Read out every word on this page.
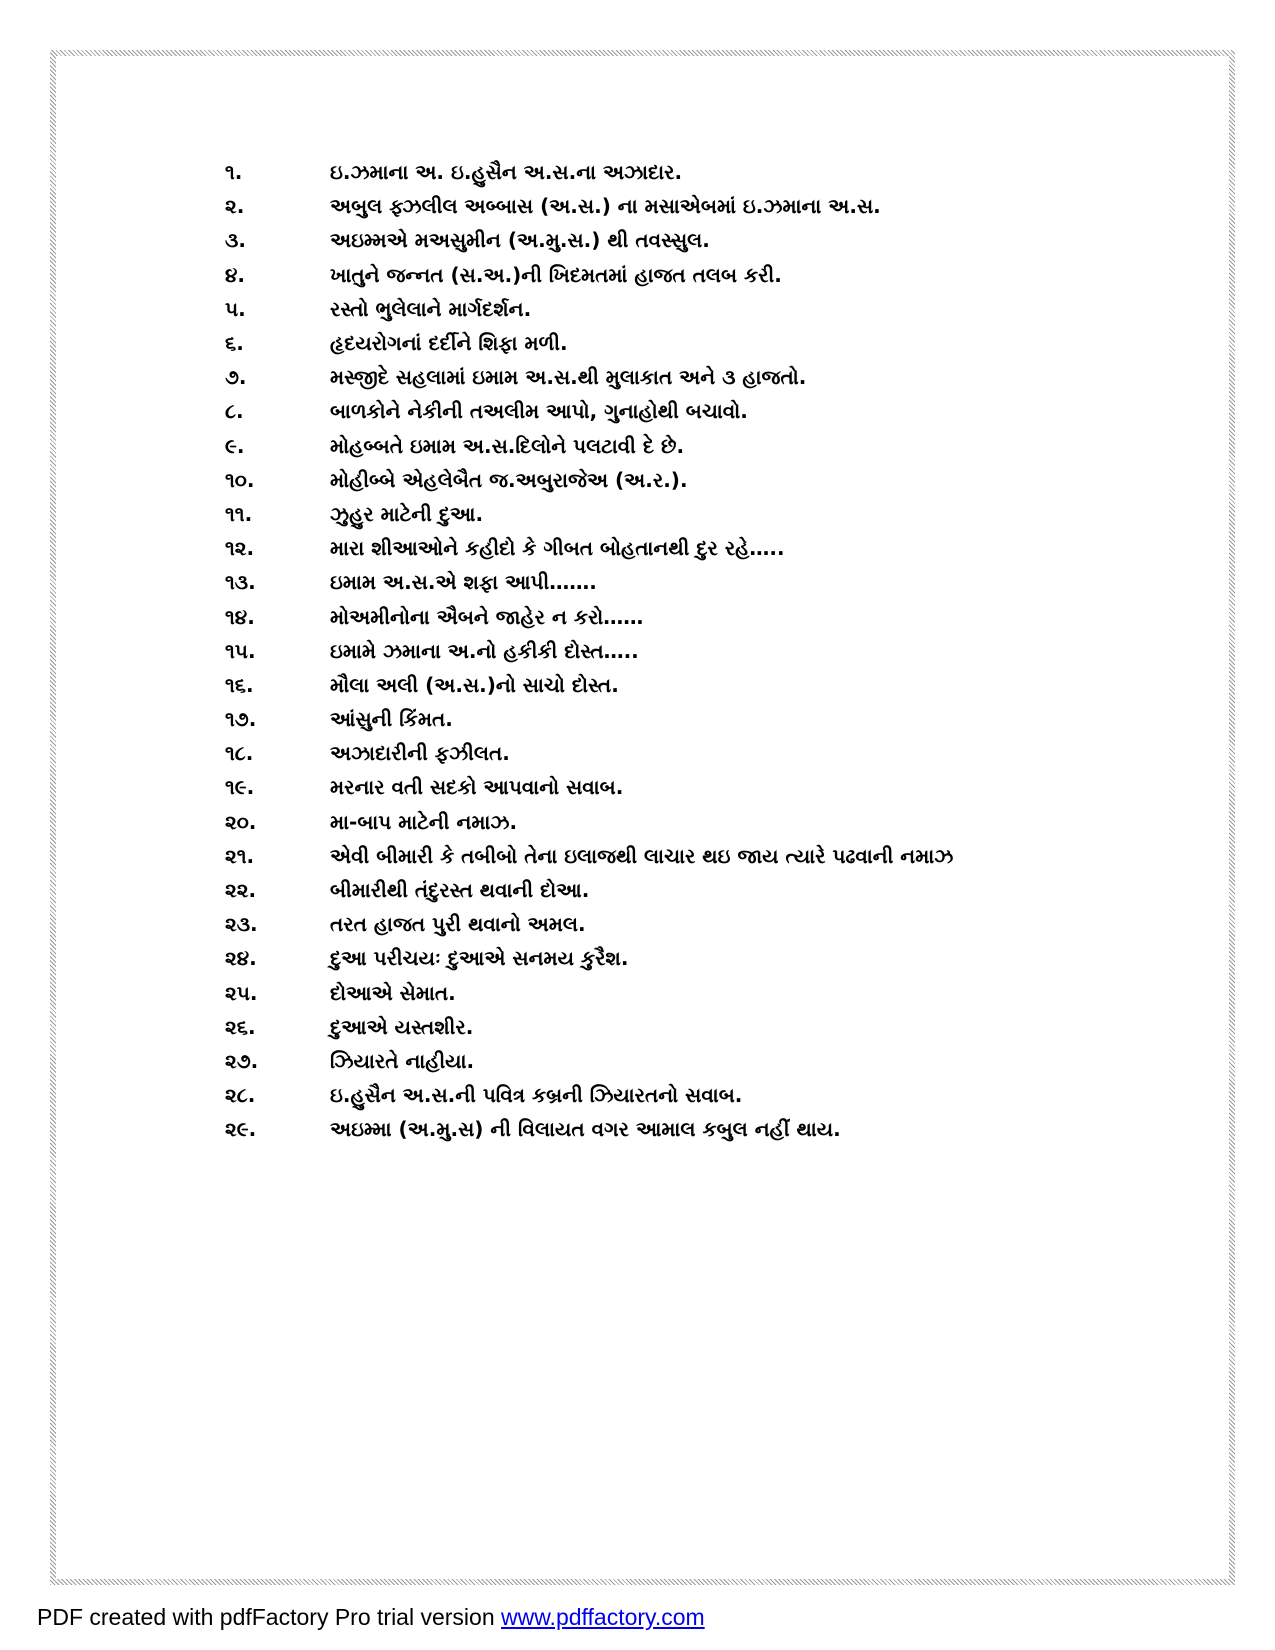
૧.	ઇ.ઝમાના અ. ઇ.હુસૈન અ.સ.ના અઝાદાર.
૨.	અબુલ ફ્ઝલીલ અબ્બાસ (અ.સ.) ના મસાએબમાં ઇ.ઝમાના અ.સ.
૩.	અઇમ્મએ મઅસુમીન (અ.મુ.સ.) થી તવસ્સુલ.
૪.	ખાતુને જન્નત (સ.અ.)ની ખિદમતમાં હાજત તલબ કરી.
૫.	રસ્તો ભુલેલાને માર્ગદર્શન.
૬.	હૃદયરોગનાં દર્દીને શિફા મળી.
૭.	મસ્જીદે સહલામાં ઇમામ અ.સ.થી મુલાકાત અને ૩ હાજતો.
૮.	બાળકોને નેકીની તઅલીમ આપો, ગુનાહોથી બચાવો.
૯.	મોહબ્બતે ઇમામ અ.સ.દિલોને પલટાવી દે છે.
૧૦.	મોહીબ્બે એહલેબૈત જ.અબુરાજેઅ (અ.ર.).
૧૧.	ઝુહુર માટેની દુઆ.
૧૨.	મારા શીઆઓને કહીદો કે ગીબત બોહતાનથી દુર રહે…..
૧૩.	ઇમામ અ.સ.એ શફા આપી…….
૧૪.	મોઅમીનોના ઐબને જાહેર ન કરો……
૧૫.	ઇમામે ઝમાના અ.નો હકીકી દોસ્ત…..
૧૬.	મૌલા અલી (અ.સ.)નો સાચો દોસ્ત.
૧૭.	આંસુની કિંમત.
૧૮.	અઝાદારીની ફઝીલત.
૧૯.	મરનાર વતી સદકો આપવાનો સવાબ.
૨૦.	મા-બાપ માટેની નમાઝ.
૨૧.	એવી બીમારી કે તબીબો તેના ઇલાજથી લાચાર થઇ જાય ત્યારે પઢવાની નમાઝ
૨૨.	બીમારીથી તંદુરસ્ત થવાની દોઆ.
૨૩.	તરત હાજત પુરી થવાનો અમલ.
૨૪.	દુઆ પરીચયઃ દુઆએ સનમય કુરૈશ.
૨૫.	દોઆએ સેમાત.
૨૬.	દુઆએ યસ્તશીર.
૨૭.	ઝિયારતે નાહીયા.
૨૮.	ઇ.હુસૈન અ.સ.ની પવિત્ર કબ્રની ઝિયારતનો સવાબ.
૨૯.	અઇમ્મા (અ.મુ.સ) ની વિલાયત વગર આમાલ કબુલ નહીં થાય.
PDF created with pdfFactory Pro trial version www.pdffactory.com
